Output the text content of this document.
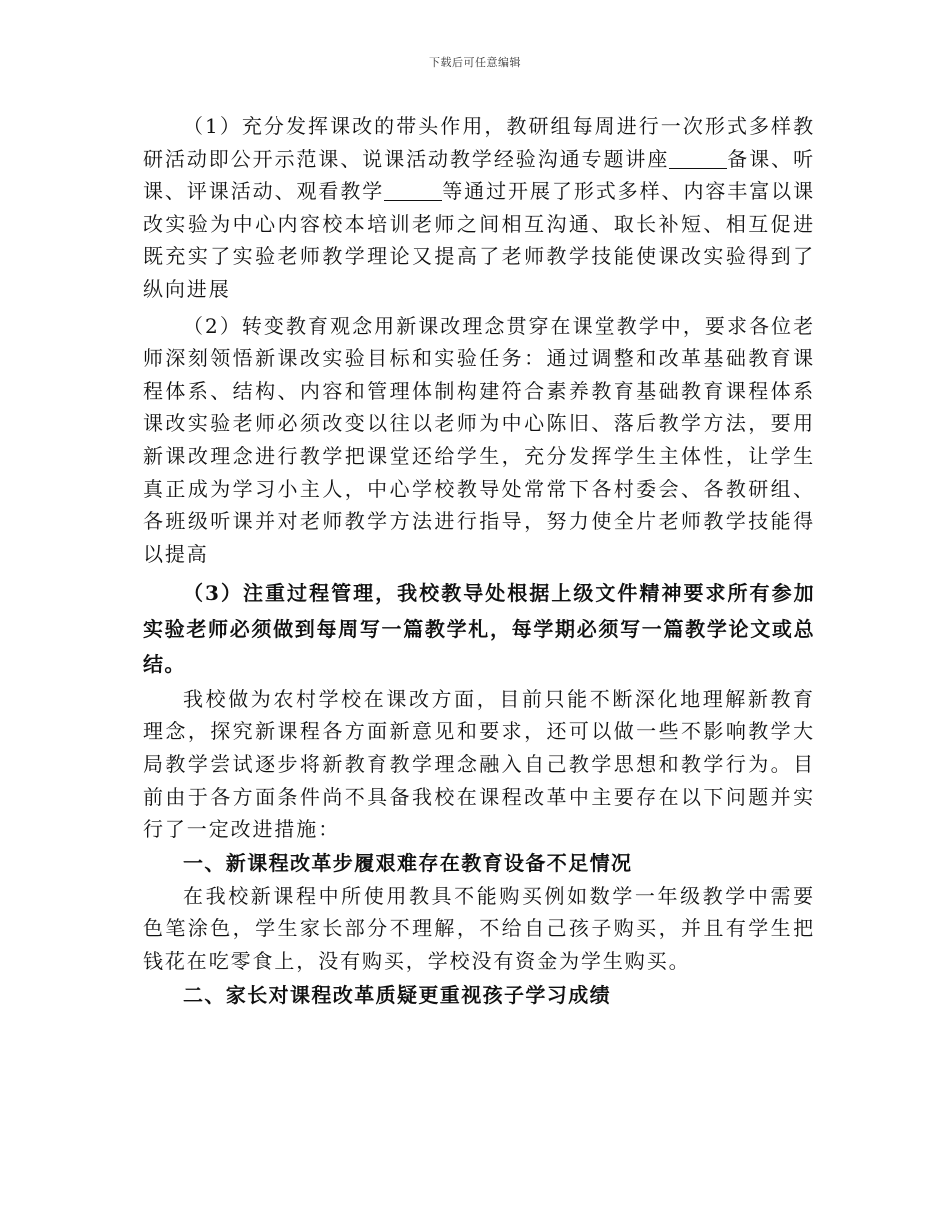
下载后可任意编辑

（1）充分发挥课改的带头作用，教研组每周进行一次形式多样教研活动即公开示范课、说课活动教学经验沟通专题讲座	备课、听课、评课活动、观看教学	等通过开展了形式多样、内容丰富以课改实验为中心内容校本培训老师之间相互沟通、取长补短、相互促进既充实了实验老师教学理论又提高了老师教学技能使课改实验得到了纵向进展

（2）转变教育观念用新课改理念贯穿在课堂教学中，要求各位老师深刻领悟新课改实验目标和实验任务：通过调整和改革基础教育课程体系、结构、内容和管理体制构建符合素养教育基础教育课程体系课改实验老师必须改变以往以老师为中心陈旧、落后教学方法，要用新课改理念进行教学把课堂还给学生，充分发挥学生主体性，让学生真正成为学习小主人，中心学校教导处常常下各村委会、各教研组、各班级听课并对老师教学方法进行指导，努力使全片老师教学技能得以提高

（3）注重过程管理，我校教导处根据上级文件精神要求所有参加实验老师必须做到每周写一篇教学札，每学期必须写一篇教学论文或总结。

我校做为农村学校在课改方面，目前只能不断深化地理解新教育理念，探究新课程各方面新意见和要求，还可以做一些不影响教学大局教学尝试逐步将新教育教学理念融入自己教学思想和教学行为。目前由于各方面条件尚不具备我校在课程改革中主要存在以下问题并实行了一定改进措施：

一、新课程改革步履艰难存在教育设备不足情况

在我校新课程中所使用教具不能购买例如数学一年级教学中需要色笔涂色，学生家长部分不理解，不给自己孩子购买，并且有学生把钱花在吃零食上，没有购买，学校没有资金为学生购买。

二、家长对课程改革质疑更重视孩子学习成绩
